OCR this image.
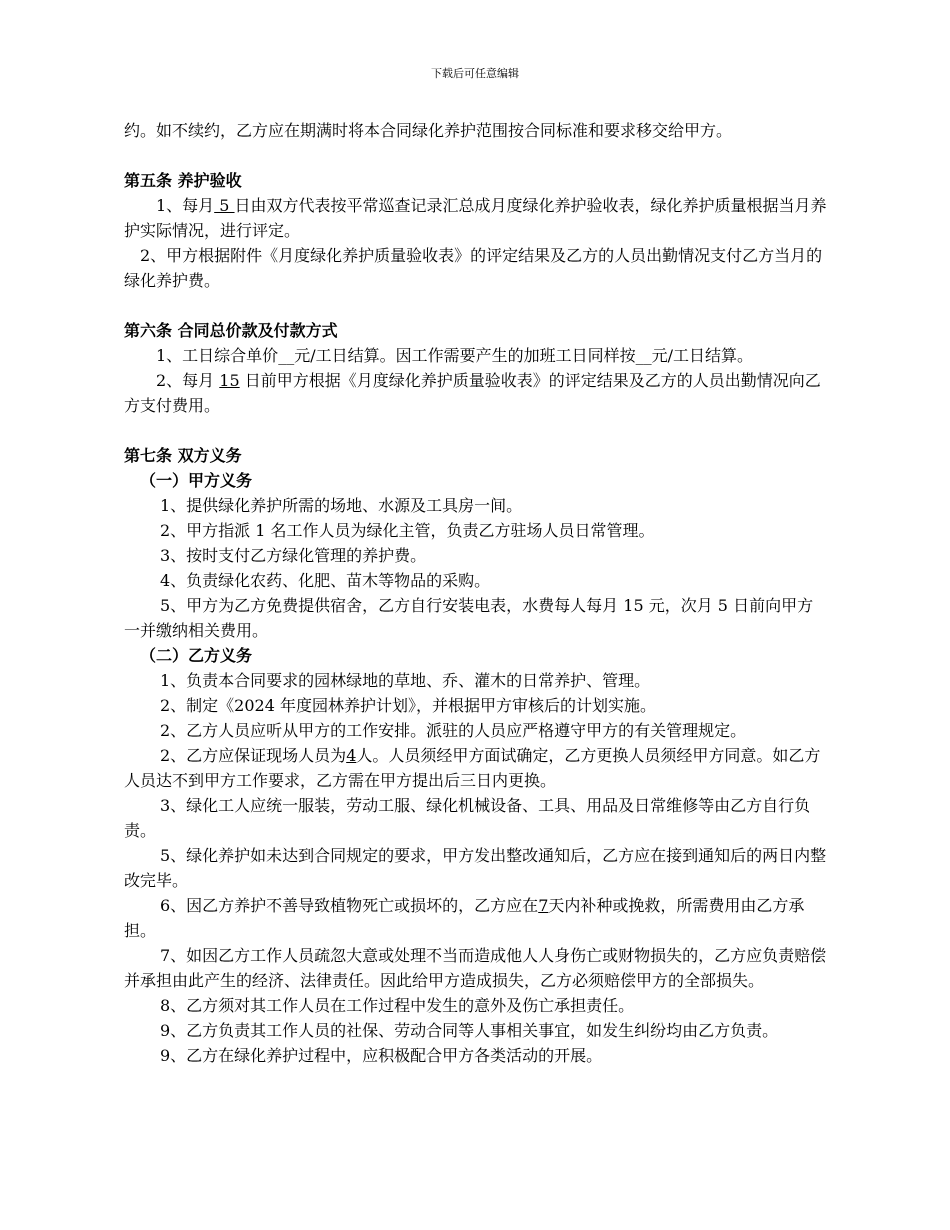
下载后可任意编辑

约。如不续约，乙方应在期满时将本合同绿化养护范围按合同标准和要求移交给甲方。

第五条 养护验收

1、每月 5 日由双方代表按平常巡查记录汇总成月度绿化养护验收表，绿化养护质量根据当月养护实际情况，进行评定。

2、甲方根据附件《月度绿化养护质量验收表》的评定结果及乙方的人员出勤情况支付乙方当月的绿化养护费。

第六条 合同总价款及付款方式

1、工日综合单价__元/工日结算。因工作需要产生的加班工日同样按__元/工日结算。

2、每月 15 日前甲方根据《月度绿化养护质量验收表》的评定结果及乙方的人员出勤情况向乙方支付费用。

第七条 双方义务

（一）甲方义务

1、提供绿化养护所需的场地、水源及工具房一间。

2、甲方指派 1 名工作人员为绿化主管，负责乙方驻场人员日常管理。

3、按时支付乙方绿化管理的养护费。

4、负责绿化农药、化肥、苗木等物品的采购。

5、甲方为乙方免费提供宿舍，乙方自行安装电表，水费每人每月 15 元，次月 5 日前向甲方一并缴纳相关费用。

（二）乙方义务

1、负责本合同要求的园林绿地的草地、乔、灌木的日常养护、管理。

2、制定《2024 年度园林养护计划》，并根据甲方审核后的计划实施。

2、乙方人员应听从甲方的工作安排。派驻的人员应严格遵守甲方的有关管理规定。

2、乙方应保证现场人员为4人。人员须经甲方面试确定，乙方更换人员须经甲方同意。如乙方人员达不到甲方工作要求，乙方需在甲方提出后三日内更换。

3、绿化工人应统一服装，劳动工服、绿化机械设备、工具、用品及日常维修等由乙方自行负责。

5、绿化养护如未达到合同规定的要求，甲方发出整改通知后，乙方应在接到通知后的两日内整改完毕。

6、因乙方养护不善导致植物死亡或损坏的，乙方应在7天内补种或挽救，所需费用由乙方承担。

7、如因乙方工作人员疏忽大意或处理不当而造成他人人身伤亡或财物损失的，乙方应负责赔偿并承担由此产生的经济、法律责任。因此给甲方造成损失，乙方必须赔偿甲方的全部损失。

8、乙方须对其工作人员在工作过程中发生的意外及伤亡承担责任。

9、乙方负责其工作人员的社保、劳动合同等人事相关事宜，如发生纠纷均由乙方负责。

9、乙方在绿化养护过程中，应积极配合甲方各类活动的开展。
